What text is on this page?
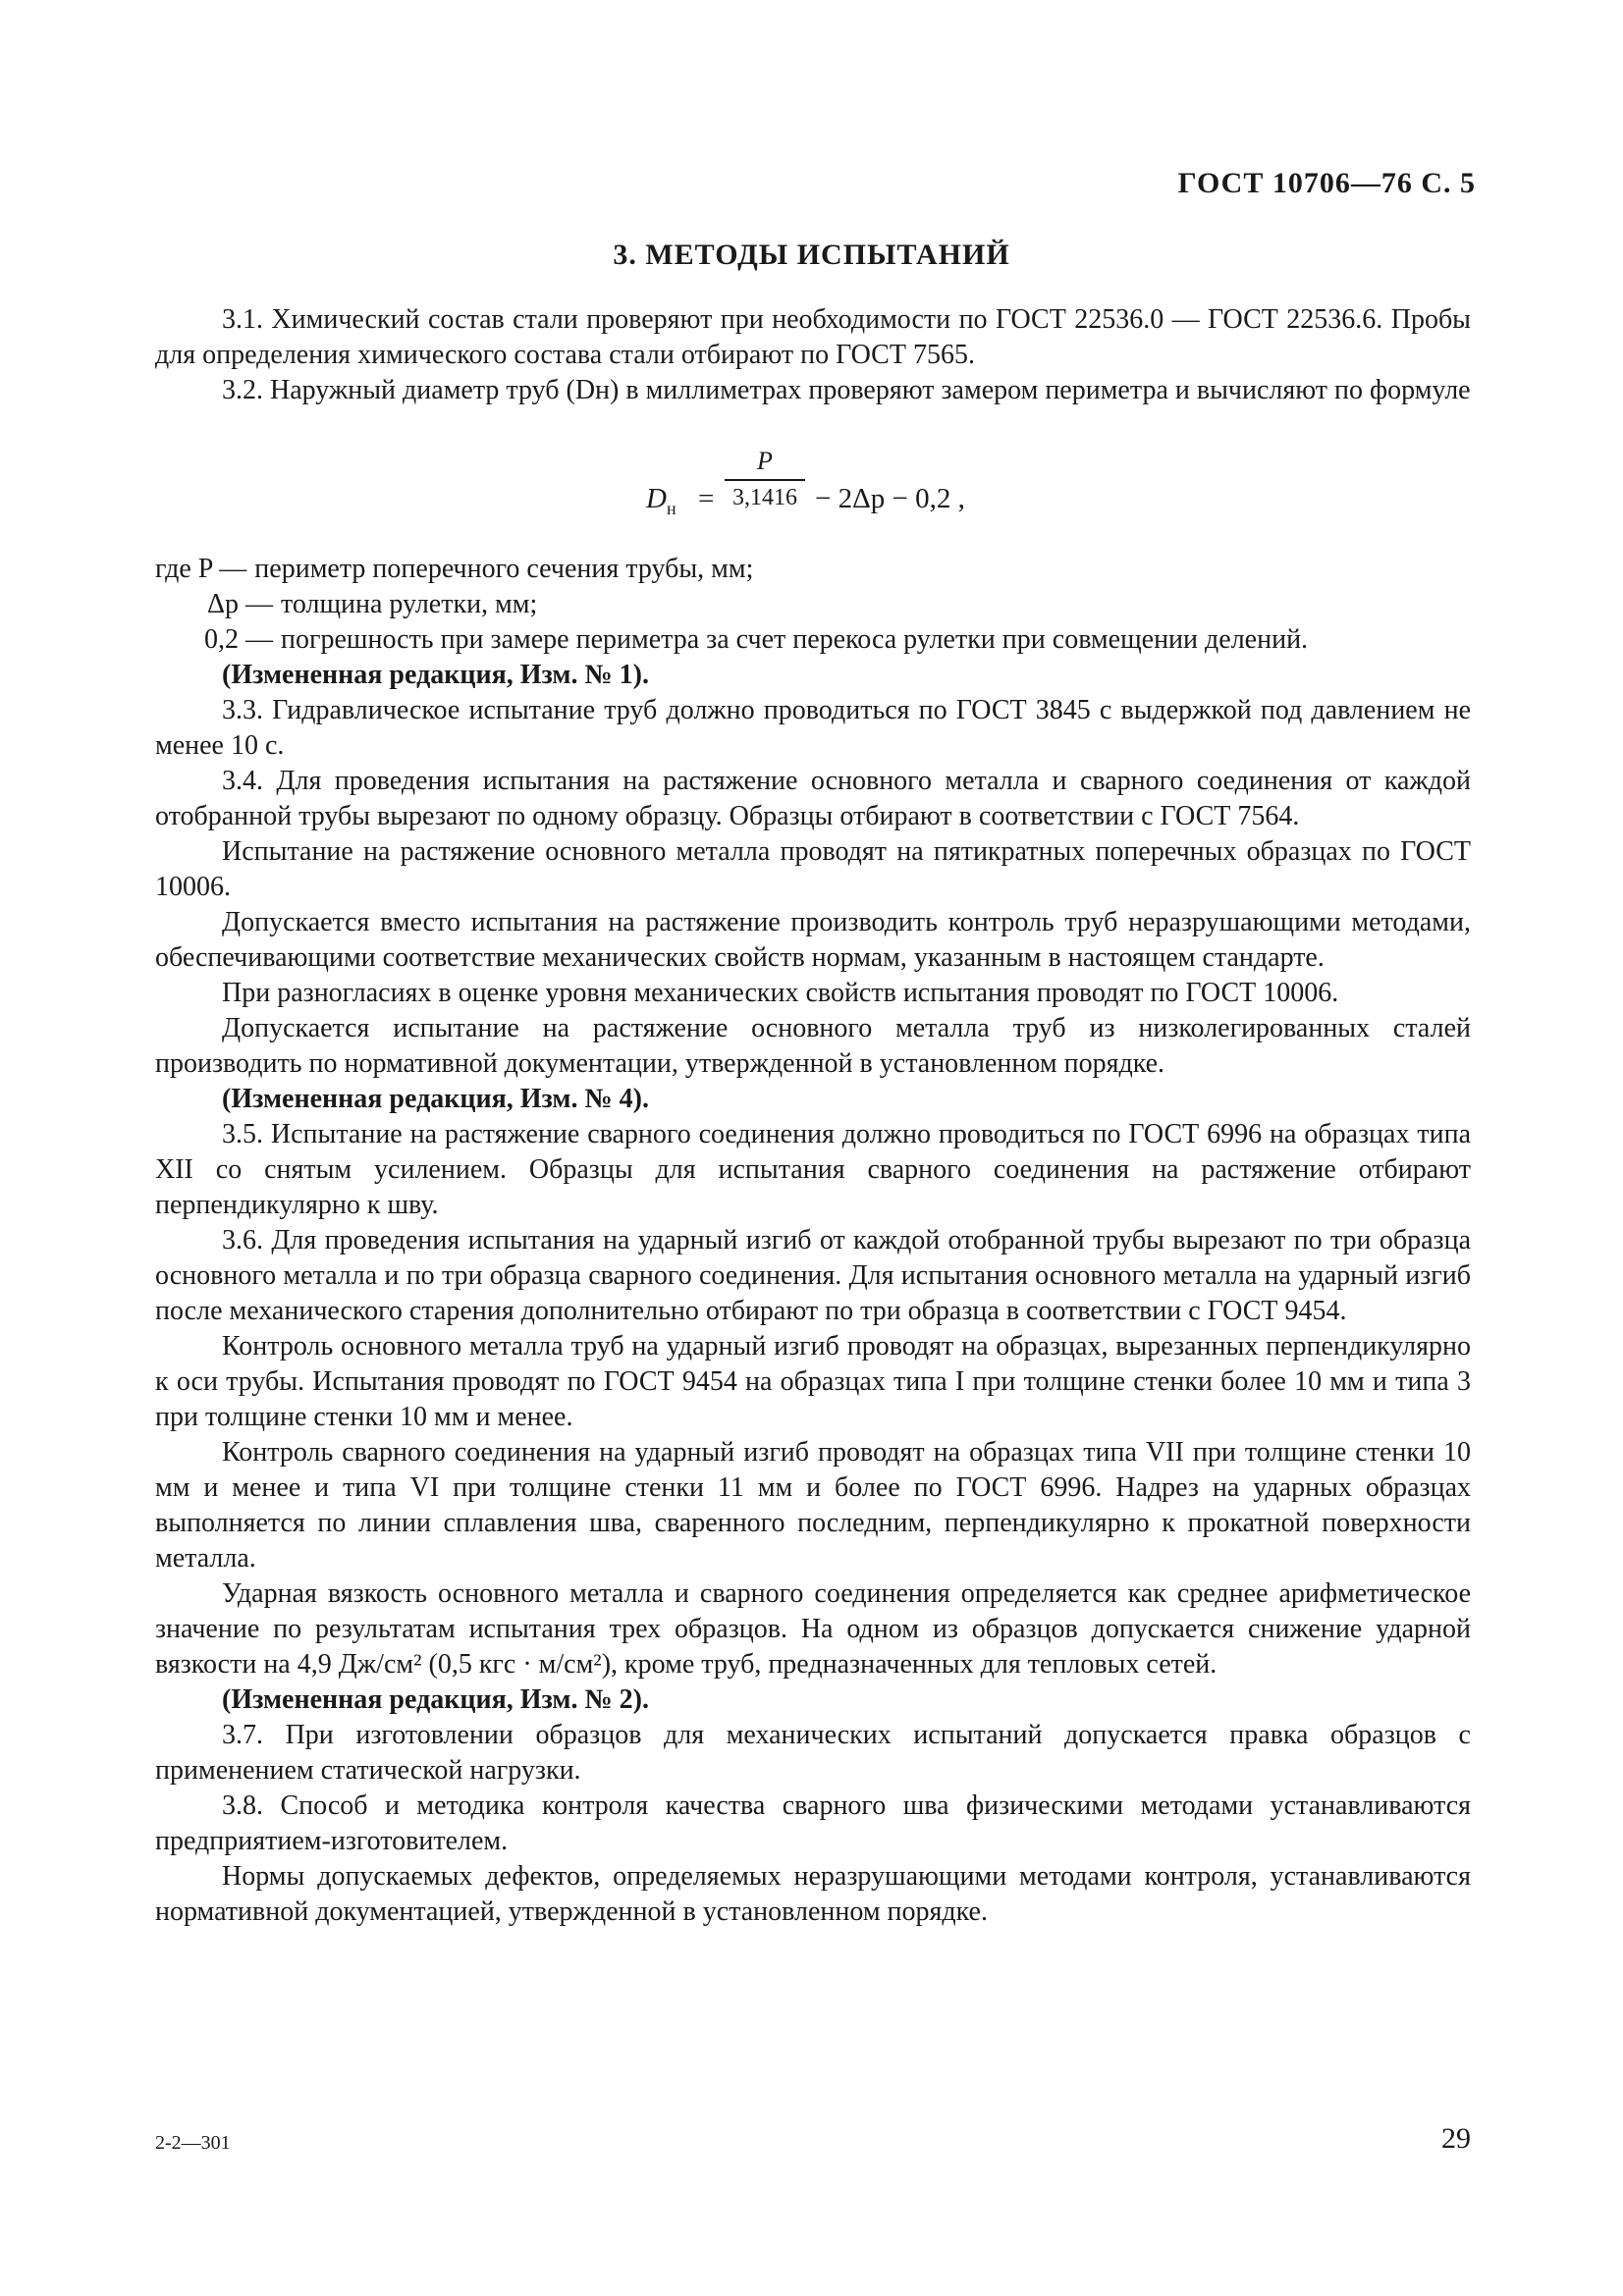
ГОСТ 10706—76 С. 5
3. МЕТОДЫ ИСПЫТАНИЙ

3.1. Химический состав стали проверяют при необходимости по ГОСТ 22536.0 — ГОСТ 22536.6. Пробы для определения химического состава стали отбирают по ГОСТ 7565.

3.2. Наружный диаметр труб (Dн) в миллиметрах проверяют замером периметра и вычисляют по формуле

$D_н$ =
P
3,1416 − 2Δp − 0,2 ,
где P — периметр поперечного сечения трубы, мм;
Δp — толщина рулетки, мм;
0,2 — погрешность при замере периметра за счет перекоса рулетки при совмещении делений.

(Измененная редакция, Изм. № 1).

3.3. Гидравлическое испытание труб должно проводиться по ГОСТ 3845 с выдержкой под давлением не менее 10 с.

3.4. Для проведения испытания на растяжение основного металла и сварного соединения от каждой отобранной трубы вырезают по одному образцу. Образцы отбирают в соответствии с ГОСТ 7564.

Испытание на растяжение основного металла проводят на пятикратных поперечных образцах по ГОСТ 10006.

Допускается вместо испытания на растяжение производить контроль труб неразрушающими методами, обеспечивающими соответствие механических свойств нормам, указанным в настоящем стандарте.

При разногласиях в оценке уровня механических свойств испытания проводят по ГОСТ 10006.

Допускается испытание на растяжение основного металла труб из низколегированных сталей производить по нормативной документации, утвержденной в установленном порядке.

(Измененная редакция, Изм. № 4).

3.5. Испытание на растяжение сварного соединения должно проводиться по ГОСТ 6996 на образцах типа XII со снятым усилением. Образцы для испытания сварного соединения на растяжение отбирают перпендикулярно к шву.

3.6. Для проведения испытания на ударный изгиб от каждой отобранной трубы вырезают по три образца основного металла и по три образца сварного соединения. Для испытания основного металла на ударный изгиб после механического старения дополнительно отбирают по три образца в соответствии с ГОСТ 9454.

Контроль основного металла труб на ударный изгиб проводят на образцах, вырезанных перпендикулярно к оси трубы. Испытания проводят по ГОСТ 9454 на образцах типа I при толщине стенки более 10 мм и типа 3 при толщине стенки 10 мм и менее.

Контроль сварного соединения на ударный изгиб проводят на образцах типа VII при толщине стенки 10 мм и менее и типа VI при толщине стенки 11 мм и более по ГОСТ 6996. Надрез на ударных образцах выполняется по линии сплавления шва, сваренного последним, перпендикулярно к прокатной поверхности металла.

Ударная вязкость основного металла и сварного соединения определяется как среднее арифметическое значение по результатам испытания трех образцов. На одном из образцов допускается снижение ударной вязкости на 4,9 Дж/см² (0,5 кгс · м/см²), кроме труб, предназначенных для тепловых сетей.

(Измененная редакция, Изм. № 2).

3.7. При изготовлении образцов для механических испытаний допускается правка образцов с применением статической нагрузки.

3.8. Способ и методика контроля качества сварного шва физическими методами устанавливаются предприятием-изготовителем.

Нормы допускаемых дефектов, определяемых неразрушающими методами контроля, устанавливаются нормативной документацией, утвержденной в установленном порядке.

2-2—301	29
